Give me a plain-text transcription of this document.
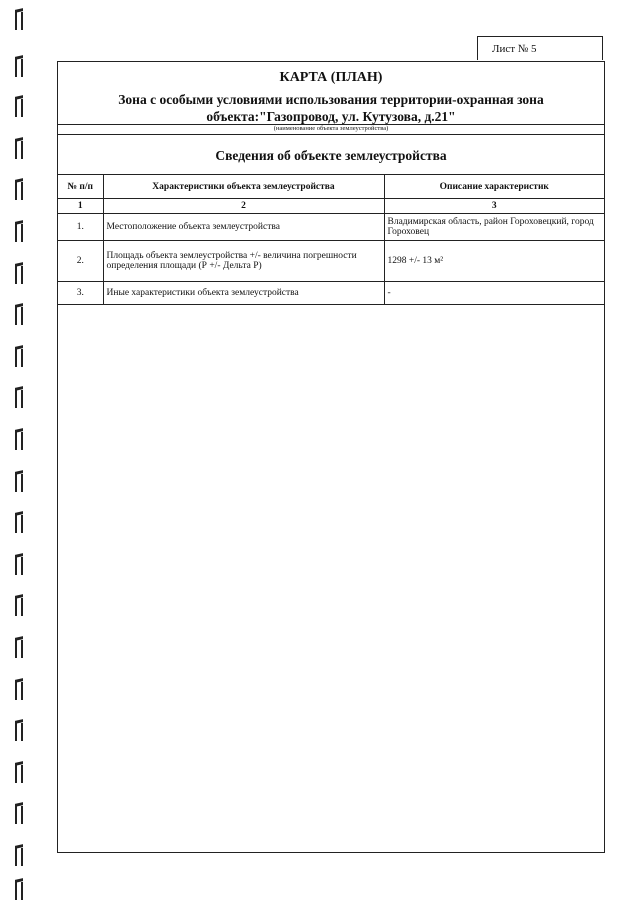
Лист № 5
КАРТА (ПЛАН)
Зона с особыми условиями использования территории-охранная зона
объекта:"Газопровод, ул. Кутузова, д.21"
(наименование объекта землеустройства)
Сведения об объекте землеустройства
№ п/п	Характеристики объекта землеустройства	Описание характеристик
1	2	3
1.	Местоположение объекта землеустройства	Владимирская область, район Гороховецкий, город Гороховец
2.	Площадь объекта землеустройства +/- величина погрешности определения площади (Р +/- Дельта Р)	1298 +/- 13 м²
3.	Иные характеристики объекта землеустройства	-
